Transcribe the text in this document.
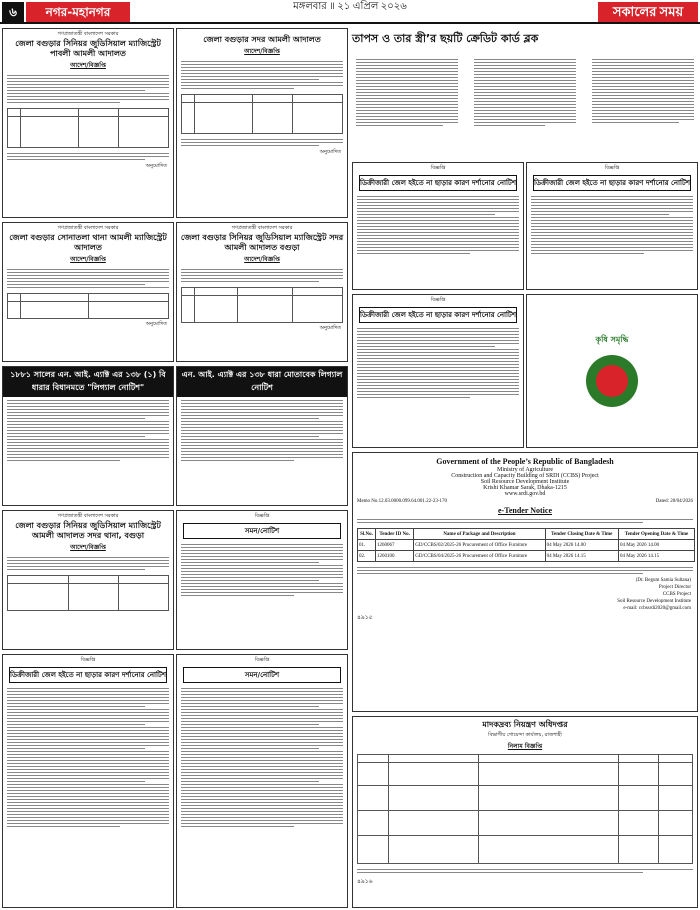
৬	নগর-মহানগর	মঙ্গলবার ॥ ২১ এপ্রিল ২০২৬	সকালের সময়
গণপ্রজাতন্ত্রী বাংলাদেশ সরকার
জেলা বগুড়ার সিনিয়র জুডিসিয়াল ম্যাজিস্ট্রেট পাবলী আমলী আদালত
আদেশ/বিজ্ঞপ্তি
অনুমোদিত
জেলা বগুড়ার সদর আমলী আদালত
আদেশ/বিজ্ঞপ্তি
অনুমোদিত
গণপ্রজাতন্ত্রী বাংলাদেশ সরকার
জেলা বগুড়ার সোনাতলা থানা আমলী ম্যাজিস্ট্রেট আদালত
আদেশ/বিজ্ঞপ্তি
অনুমোদিত
গণপ্রজাতন্ত্রী বাংলাদেশ সরকার
জেলা বগুড়ার সিনিয়র জুডিসিয়াল ম্যাজিস্ট্রেট সদর আমলী আদালত বগুড়া
আদেশ/বিজ্ঞপ্তি
অনুমোদিত
১৮৮১ সালের এন. আই. এ্যাক্ট এর ১৩৮ (১) বি ধারার বিধানমতে "লিগ্যাল নোটিশ"
এন. আই. এ্যাক্ট এর ১৩৮ ধারা মোতাবেক লিগ্যাল নোটিশ
গণপ্রজাতন্ত্রী বাংলাদেশ সরকার
জেলা বগুড়ার সিনিয়র জুডিসিয়াল ম্যাজিস্ট্রেট আমলী আদালত সদর থানা, বগুড়া
আদেশ/বিজ্ঞপ্তি
বিজ্ঞপ্তি
সমন/নোটিশ
বিজ্ঞপ্তি
ডিক্রীজারী জেল হইতে না ছাড়ার কারণ দর্শানোর নোটিশ
বিজ্ঞপ্তি
সমন/নোটিশ
তাপস ও তার স্ত্রী’র ছয়টি ক্রেডিট কার্ড ব্লক
বিজ্ঞপ্তি
ডিক্রীজারী জেল হইতে না ছাড়ার কারণ দর্শানোর নোটিশ
বিজ্ঞপ্তি
ডিক্রীজারী জেল হইতে না ছাড়ার কারণ দর্শানোর নোটিশ
বিজ্ঞপ্তি
ডিক্রীজারী জেল হইতে না ছাড়ার কারণ দর্শানোর নোটিশ
কৃষি সমৃদ্ধি
Government of the People’s Republic of Bangladesh
Ministry of Agriculture
Construction and Capacity Building of SRDI (CCBS) Project
Soil Resource Development Institute
Krishi Khamar Sarak, Dhaka-1215
www.srdi.gov.bd
Memo No.12.03.0000.099.64.001.22-23-170	Dated: 20/04/2026
e-Tender Notice
Sl.No.	Tender ID No.	Name of Package and Description	Tender Closing Date & Time	Tender Opening Date & Time
01.	1260067	GD/CCBS/02/2025-26 Procurement of Office Furniture	04 May 2026 14.00	04 May 2026 14.00
02.	1260100	GD/CCBS/04/2025-26 Procurement of Office Furniture	04 May 2026 14.15	04 May 2026 14.15
(Dr. Begum Samia Sultana)
Project Director
CCBS Project
Soil Resource Development Institute
e-mail: ccbssrdi2020@gmail.com
৪৯১৫
মাদকদ্রব্য নিয়ন্ত্রণ অধিদপ্তর
বিভাগীয় গোয়েন্দা কার্যালয়, রাজশাহী
নিলাম বিজ্ঞপ্তি
৪৯১৬
